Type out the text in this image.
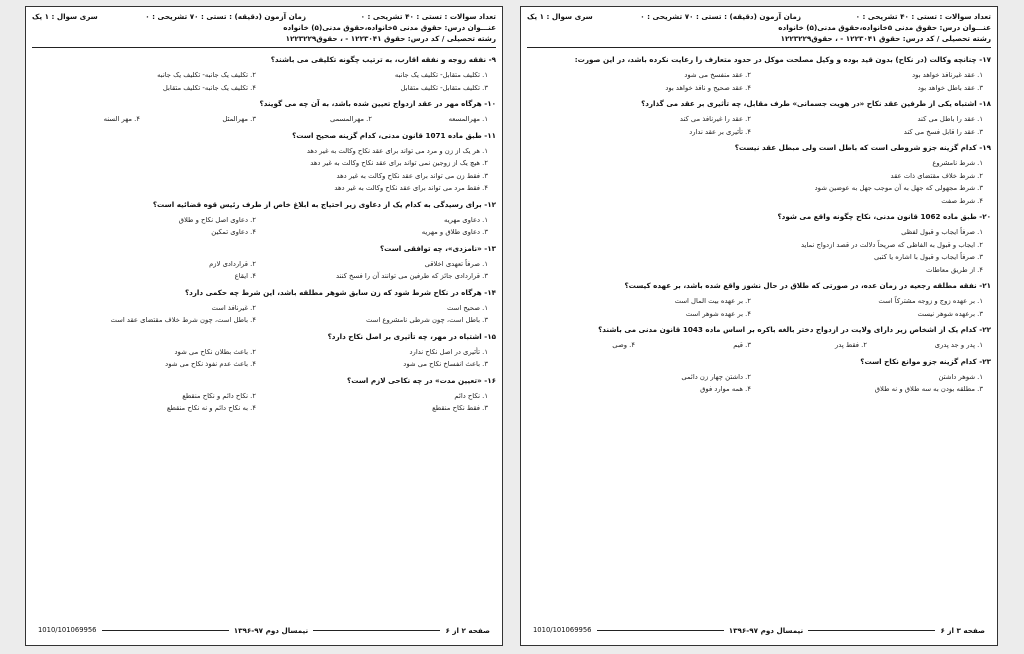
تعداد سوالات : تستی : ۴۰ تشریحی : ۰
زمان آزمون (دقیقه) : تستی : ۷۰ تشریحی : ۰
سری سوال : ۱ یک
عنـــوان درس: حقوق مدنی ۵خانواده،حقوق مدنی(۵) خانواده
رشته تحصیلی / کد درس: حقوق ۱۲۲۳۰۴۱ - ، حقوق۱۲۲۳۲۲۹
۹- نفقه زوجه و نفقه اقارب، به ترتیب چگونه تکلیفی می باشند؟
۱. تکلیف متقابل- تکلیف یک جانبه
۲. تکلیف یک جانبه- تکلیف یک جانبه
۳. تکلیف متقابل- تکلیف متقابل
۴. تکلیف یک جانبه- تکلیف متقابل
۱۰- هرگاه مهر در عقد ازدواج تعیین شده باشد، به آن چه می گویند؟
۱. مهرالمسعه
۲. مهرالمسمی
۳. مهرالمثل
۴. مهر السنه
۱۱- طبق ماده 1071 قانون مدنی، کدام گزینه صحیح است؟
۱. هر یک از زن و مرد می تواند برای عقد نکاح وکالت به غیر دهد
۲. هیچ یک از زوجین نمی تواند برای عقد نکاح وکالت به غیر دهد
۳. فقط زن می تواند برای عقد نکاح وکالت به غیر دهد
۴. فقط مرد می تواند برای عقد نکاح وکالت به غیر دهد
۱۲- برای رسیدگی به کدام یک از دعاوی زیر احتیاج به ابلاغ خاص از طرف رئیس قوه قضائیه است؟
۱. دعاوی مهریه
۲. دعاوی اصل نکاح و طلاق
۳. دعاوی طلاق و مهریه
۴. دعاوی تمکین
۱۳- «نامزدی»، چه توافقی است؟
۱. صرفاً تعهدی اخلاقی
۲. قراردادی لازم
۳. قراردادی جائز که طرفین می توانند آن را فسخ کنند
۴. ایقاع
۱۴- هرگاه در نکاح شرط شود که زن سابق شوهر مطلقه باشد، این شرط چه حکمی دارد؟
۱. صحیح است
۲. غیرنافذ است
۳. باطل است، چون شرطی نامشروع است
۴. باطل است، چون شرط خلاف مقتضای عقد است
۱۵- اشتباه در مهر، چه تأثیری بر اصل نکاح دارد؟
۱. تأثیری در اصل نکاح ندارد
۲. باعث بطلان نکاح می شود
۳. باعث انفساخ نکاح می شود
۴. باعث عدم نفوذ نکاح می شود
۱۶- «تعیین مدت» در چه نکاحی لازم است؟
۱. نکاح دائم
۲. نکاح دائم و نکاح منقطع
۳. فقط نکاح منقطع
۴. به نکاح دائم و نه نکاح منقطع
صفحه ۲ از ۶
نیمسال دوم ۹۷-۱۳۹۶
1010/101069956
تعداد سوالات : تستی : ۴۰ تشریحی : ۰
زمان آزمون (دقیقه) : تستی : ۷۰ تشریحی : ۰
سری سوال : ۱ یک
عنـــوان درس: حقوق مدنی ۵خانواده،حقوق مدنی(۵) خانواده
رشته تحصیلی / کد درس: حقوق ۱۲۲۳۰۴۱ - ، حقوق۱۲۲۳۲۲۹
۱۷- چنانچه وکالت (در نکاح) بدون قید بوده و وکیل مصلحت موکل در حدود متعارف را رعایت نکرده باشد، در این صورت:
۱. عقد غیرنافذ خواهد بود
۲. عقد منفسخ می شود
۳. عقد باطل خواهد بود
۴. عقد صحیح و نافذ خواهد بود
۱۸- اشتباه یکی از طرفین عقد نکاح «در هویت جسمانی» طرف مقابل، چه تأثیری بر عقد می گذارد؟
۱. عقد را باطل می کند
۲. عقد را غیرنافذ می کند
۳. عقد را قابل فسخ می کند
۴. تأثیری بر عقد ندارد
۱۹- کدام گزینه جزو شروطی است که باطل است ولی مبطل عقد نیست؟
۱. شرط نامشروع
۲. شرط خلاف مقتضای ذات عقد
۳. شرط مجهولی که جهل به آن موجب جهل به عوضین شود
۴. شرط صفت
۲۰- طبق ماده 1062 قانون مدنی، نکاح چگونه واقع می شود؟
۱. صرفاً ایجاب و قبول لفظی
۲. ایجاب و قبول به الفاظی که صریحاً دلالت در قصد ازدواج نماید
۳. صرفاً ایجاب و قبول با اشاره یا کتبی
۴. از طریق معاطات
۲۱- نفقه مطلقه رجعیه در زمان عده، در صورتی که طلاق در حال نشوز واقع شده باشد، بر عهده کیست؟
۱. بر عهده زوج و زوجه مشترکاً است
۲. بر عهده بیت المال است
۳. برعهده شوهر نیست
۴. بر عهده شوهر است
۲۲- کدام یک از اشخاص زیر دارای ولایت در ازدواج دختر بالغه باکره بر اساس ماده 1043 قانون مدنی می باشند؟
۱. پدر و جد پدری
۲. فقط پدر
۳. قیم
۴. وصی
۲۳- کدام گزینه جزو موانع نکاح است؟
۱. شوهر داشتن
۲. داشتن چهار زن دائمی
۳. مطلقه بودن به سه طلاق و نه طلاق
۴. همه موارد فوق
صفحه ۳ از ۶
نیمسال دوم ۹۷-۱۳۹۶
1010/101069956
